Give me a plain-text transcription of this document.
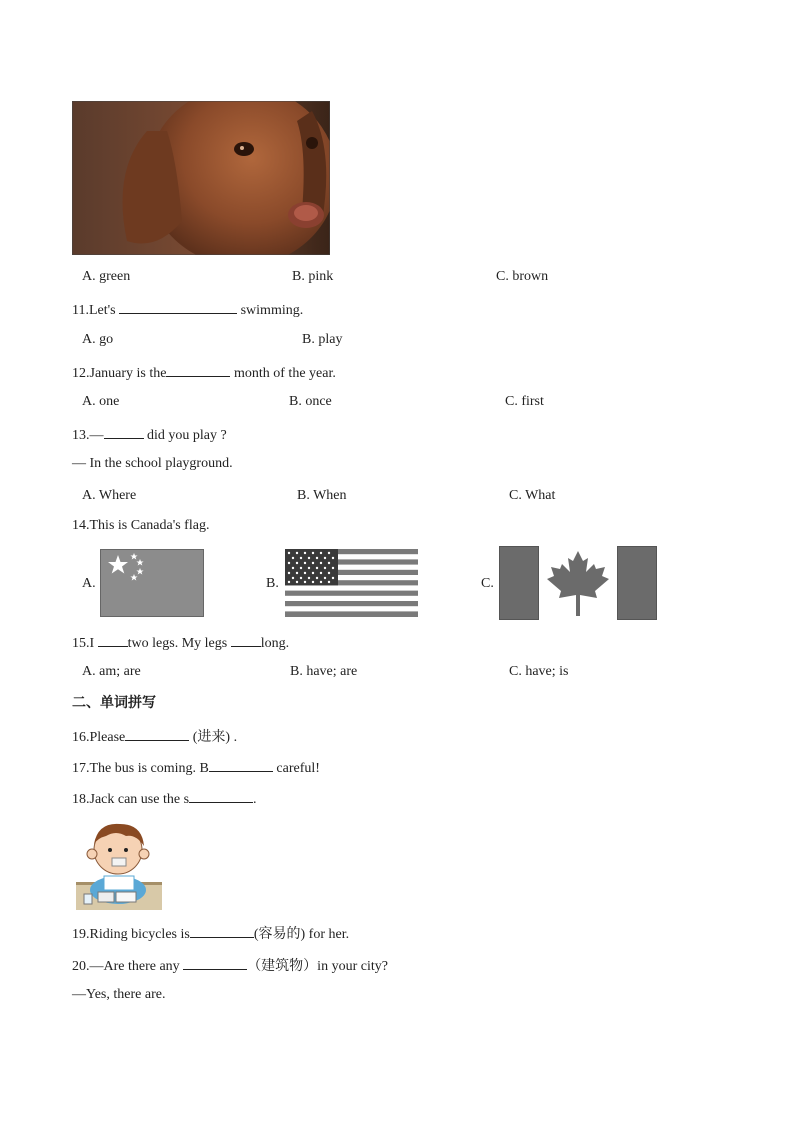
A. green	B. pink	C. brown
11.Let's	swimming.
A. go	B. play
12.January is the	month of the year.
A. one	B. once	C. first
13.—	did you play ?
— In the school playground.
A. Where	B. When	C. What
14.This is Canada's flag.
A.	B.	C.
15.I two legs. My legs long.
A. am; are	B. have; are	C. have; is
二、单词拼写
16.Please	(进来) .
17.The bus is coming. B	careful!
18.Jack can use the s	.
19.Riding bicycles is	(容易的) for her.
20.—Are there any	（建筑物）in your city?
—Yes, there are.
